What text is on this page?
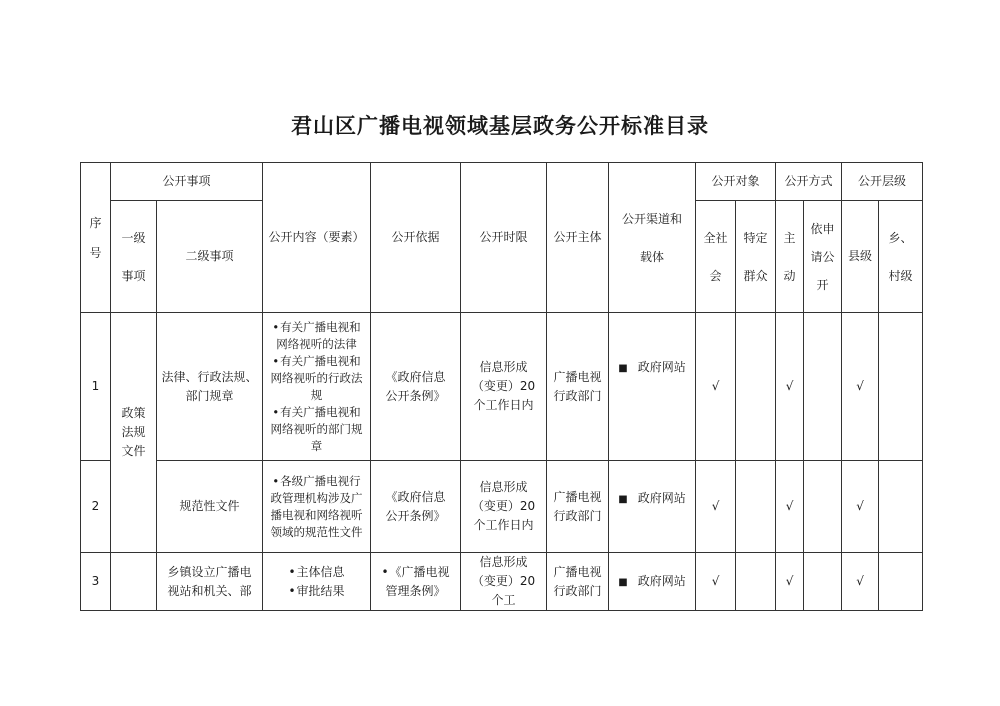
君山区广播电视领域基层政务公开标准目录
序号	公开事项		公开内容（要素）	公开依据	公开时限	公开主体	公开渠道和载体	公开对象		公开方式		公开层级	

	一级事项	二级事项						全社会	特定群众	主动	依申请公开	县级	乡、村级

1	政策法规文件	法律、行政法规、部门规章	•有关广播电视和网络视听的法律
•有关广播电视和网络视听的行政法规
•有关广播电视和网络视听的部门规章	《政府信息公开条例》	信息形成（变更）20个工作日内	广播电视行政部门	■ 政府网站	√		√		√	
2		规范性文件	•各级广播电视行政管理机构涉及广播电视和网络视听领域的规范性文件	《政府信息公开条例》	信息形成（变更）20个工作日内	广播电视行政部门	■ 政府网站	√		√		√	
3		乡镇设立广播电视站和机关、部	•主体信息
•审批结果	•《广播电视管理条例》	信息形成（变更）20个工	广播电视行政部门	■ 政府网站	√		√		√	
